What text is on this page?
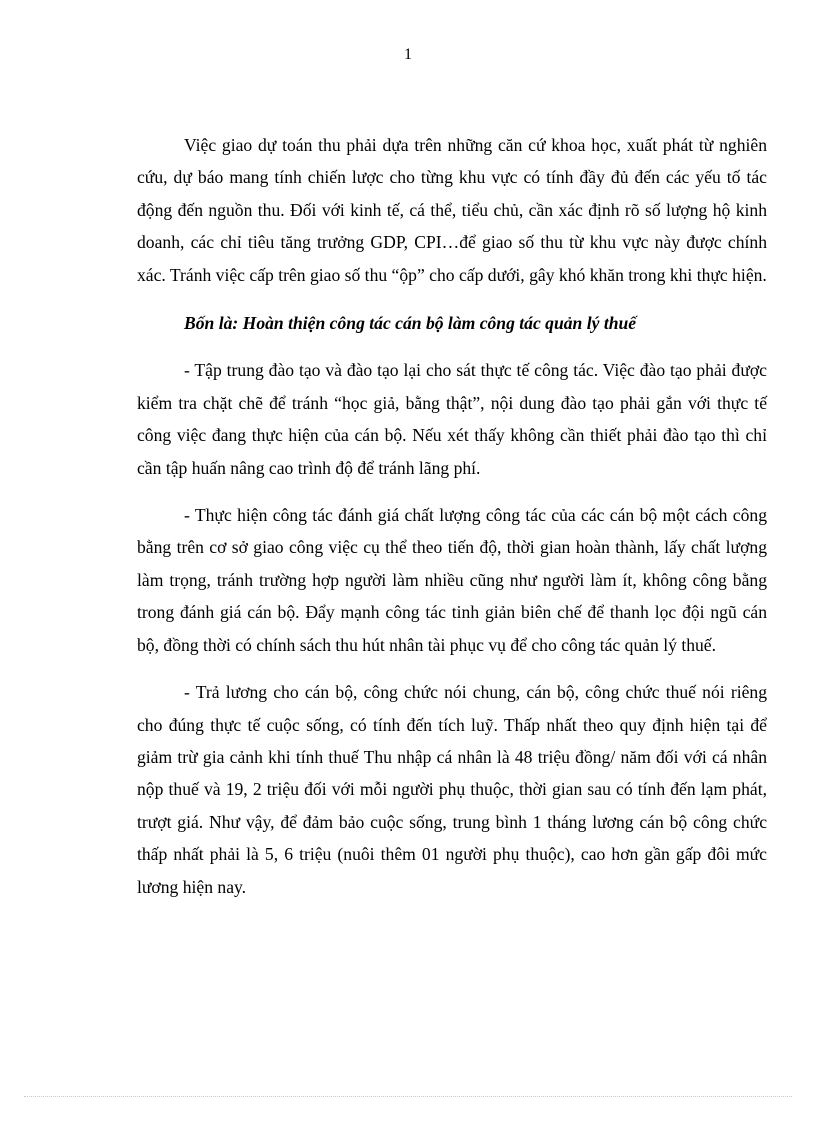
1

Việc giao dự toán thu phải dựa trên những căn cứ khoa học, xuất phát từ nghiên cứu, dự báo mang tính chiến lược cho từng khu vực có tính đầy đủ đến các yếu tố tác động đến nguồn thu. Đối với kinh tế, cá thể, tiểu chủ, cần xác định rõ số lượng hộ kinh doanh, các chỉ tiêu tăng trưởng GDP, CPI…để giao số thu từ khu vực này được chính xác. Tránh việc cấp trên giao số thu “ộp” cho cấp dưới, gây khó khăn trong khi thực hiện.

Bốn là: Hoàn thiện công tác cán bộ làm công tác quản lý thuế

- Tập trung đào tạo và đào tạo lại cho sát thực tế công tác. Việc đào tạo phải được kiểm tra chặt chẽ để tránh “học giả, bằng thật”, nội dung đào tạo phải gắn với thực tế công việc đang thực hiện của cán bộ. Nếu xét thấy không cần thiết phải đào tạo thì chỉ cần tập huấn nâng cao trình độ để tránh lãng phí.

- Thực hiện công tác đánh giá chất lượng công tác của các cán bộ một cách công bằng trên cơ sở giao công việc cụ thể theo tiến độ, thời gian hoàn thành, lấy chất lượng làm trọng, tránh trường hợp người làm nhiều cũng như người làm ít, không công bằng trong đánh giá cán bộ. Đẩy mạnh công tác tinh giản biên chế để thanh lọc đội ngũ cán bộ, đồng thời có chính sách thu hút nhân tài phục vụ để cho công tác quản lý thuế.

- Trả lương cho cán bộ, công chức nói chung, cán bộ, công chức thuế nói riêng cho đúng thực tế cuộc sống, có tính đến tích luỹ. Thấp nhất theo quy định hiện tại để giảm trừ gia cảnh khi tính thuế Thu nhập cá nhân là 48 triệu đồng/ năm đối với cá nhân nộp thuế và 19, 2 triệu đối với mỗi người phụ thuộc, thời gian sau có tính đến lạm phát, trượt giá. Như vậy, để đảm bảo cuộc sống, trung bình 1 tháng lương cán bộ công chức thấp nhất phải là 5, 6 triệu (nuôi thêm 01 người phụ thuộc), cao hơn gần gấp đôi mức lương hiện nay.
